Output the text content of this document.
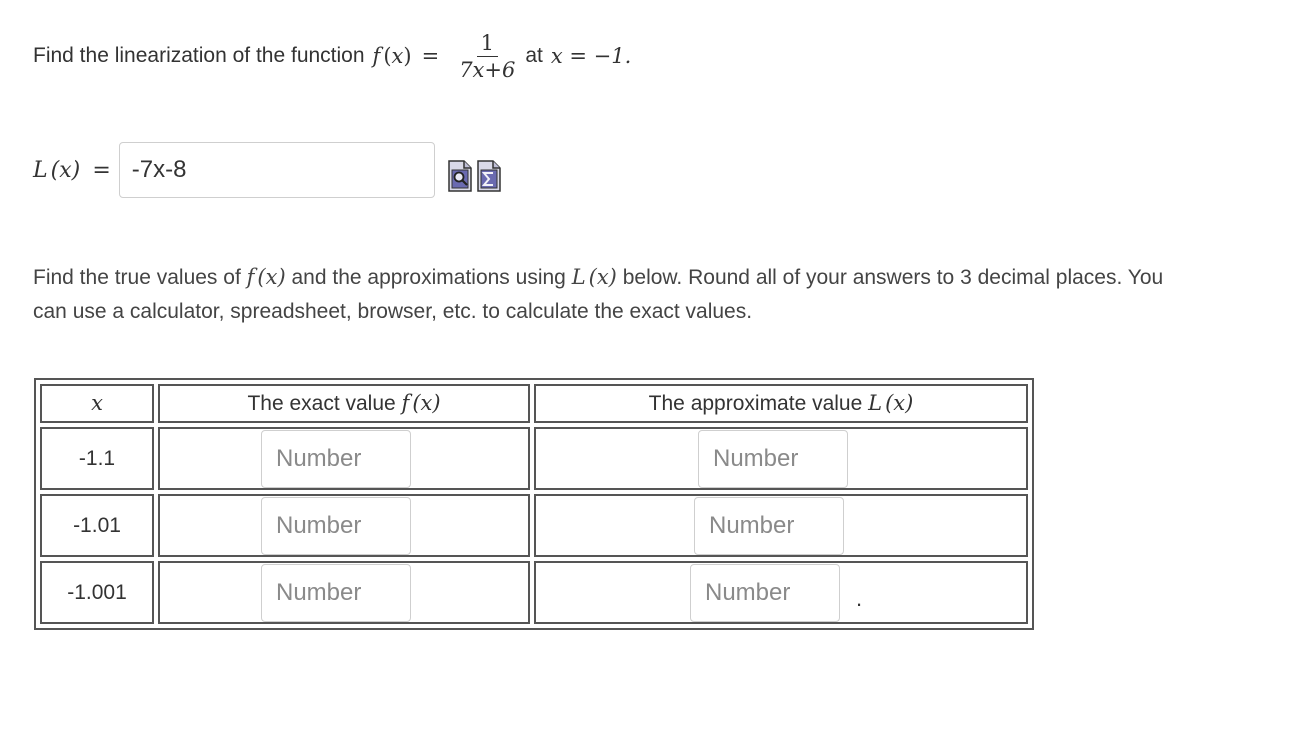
Find the linearization of the function f ( x ) = $\frac{1}{7x+6}$ at x = −1.
L (x) =
-7x-8
Find the true values of f (x) and the approximations using L (x) below. Round all of your answers to 3 decimal places. You can use a calculator, spreadsheet, browser, etc. to calculate the exact values.
x	The exact value f (x)	The approximate value L (x)
-1.1	Number	Number
-1.01	Number	Number
-1.001	Number	Number.
